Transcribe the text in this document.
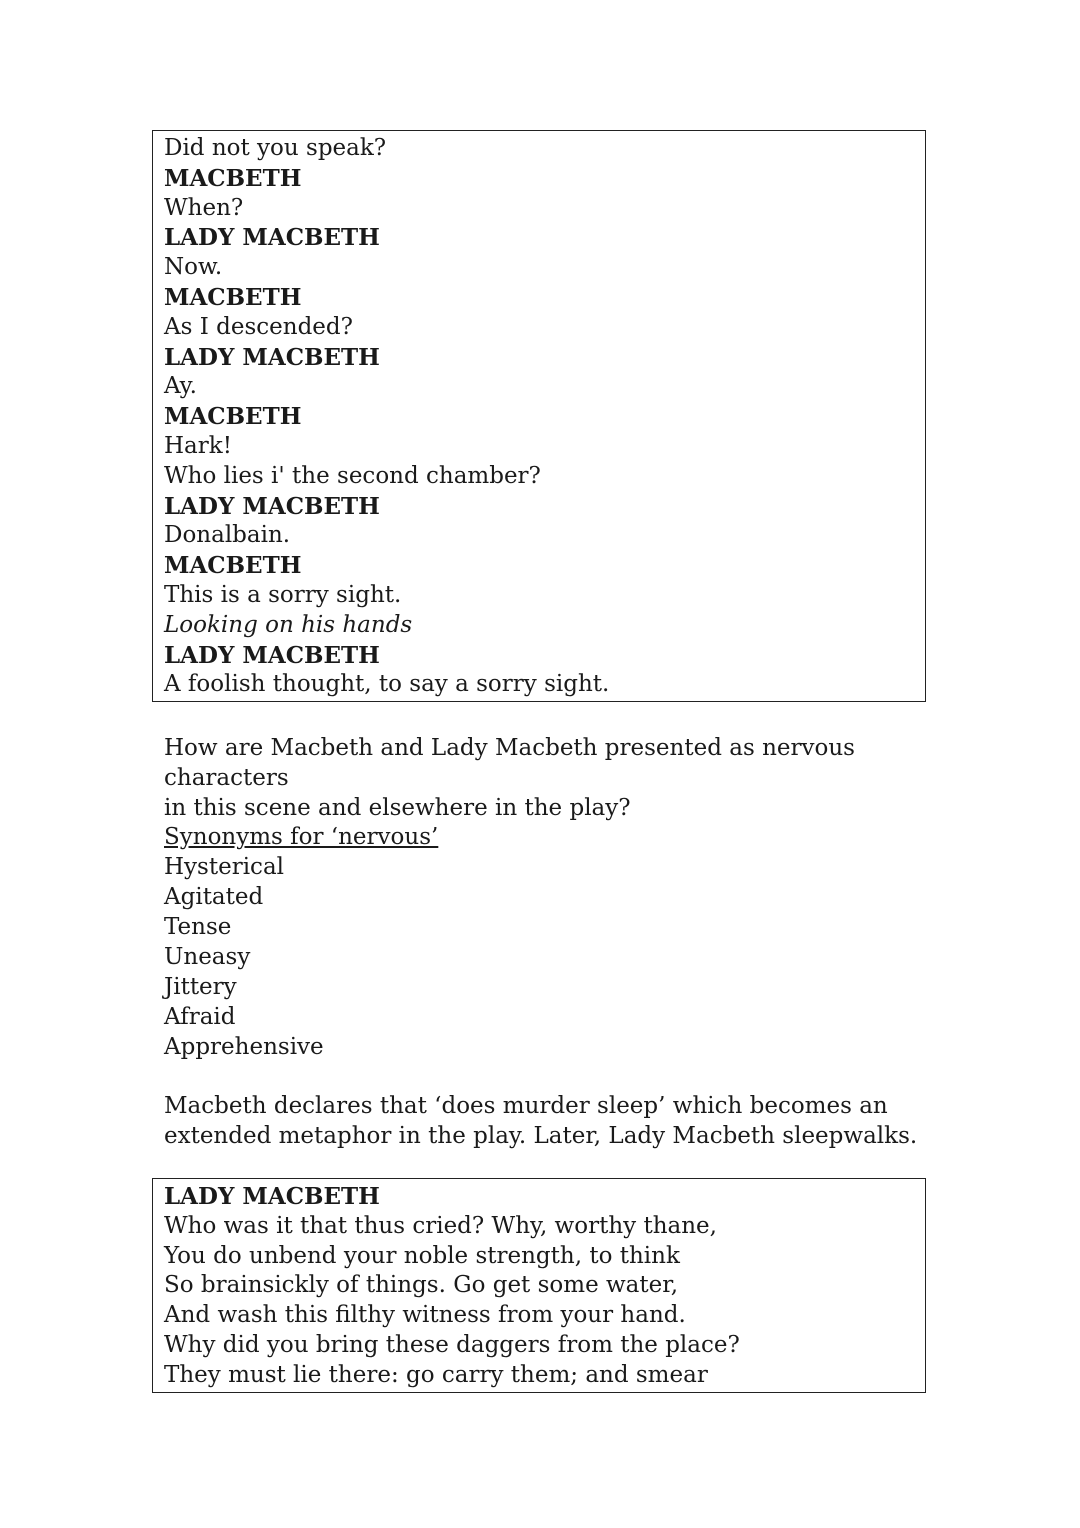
Did not you speak?
MACBETH
When?
LADY MACBETH
Now.
MACBETH
As I descended?
LADY MACBETH
Ay.
MACBETH
Hark!
Who lies i' the second chamber?
LADY MACBETH
Donalbain.
MACBETH
This is a sorry sight.
Looking on his hands
LADY MACBETH
A foolish thought, to say a sorry sight.
How are Macbeth and Lady Macbeth presented as nervous characters
in this scene and elsewhere in the play?
Synonyms for ‘nervous’
Hysterical
Agitated
Tense
Uneasy
Jittery
Afraid
Apprehensive
Macbeth declares that ‘does murder sleep’ which becomes an
extended metaphor in the play. Later, Lady Macbeth sleepwalks.
LADY MACBETH
Who was it that thus cried? Why, worthy thane,
You do unbend your noble strength, to think
So brainsickly of things. Go get some water,
And wash this filthy witness from your hand.
Why did you bring these daggers from the place?
They must lie there: go carry them; and smear
